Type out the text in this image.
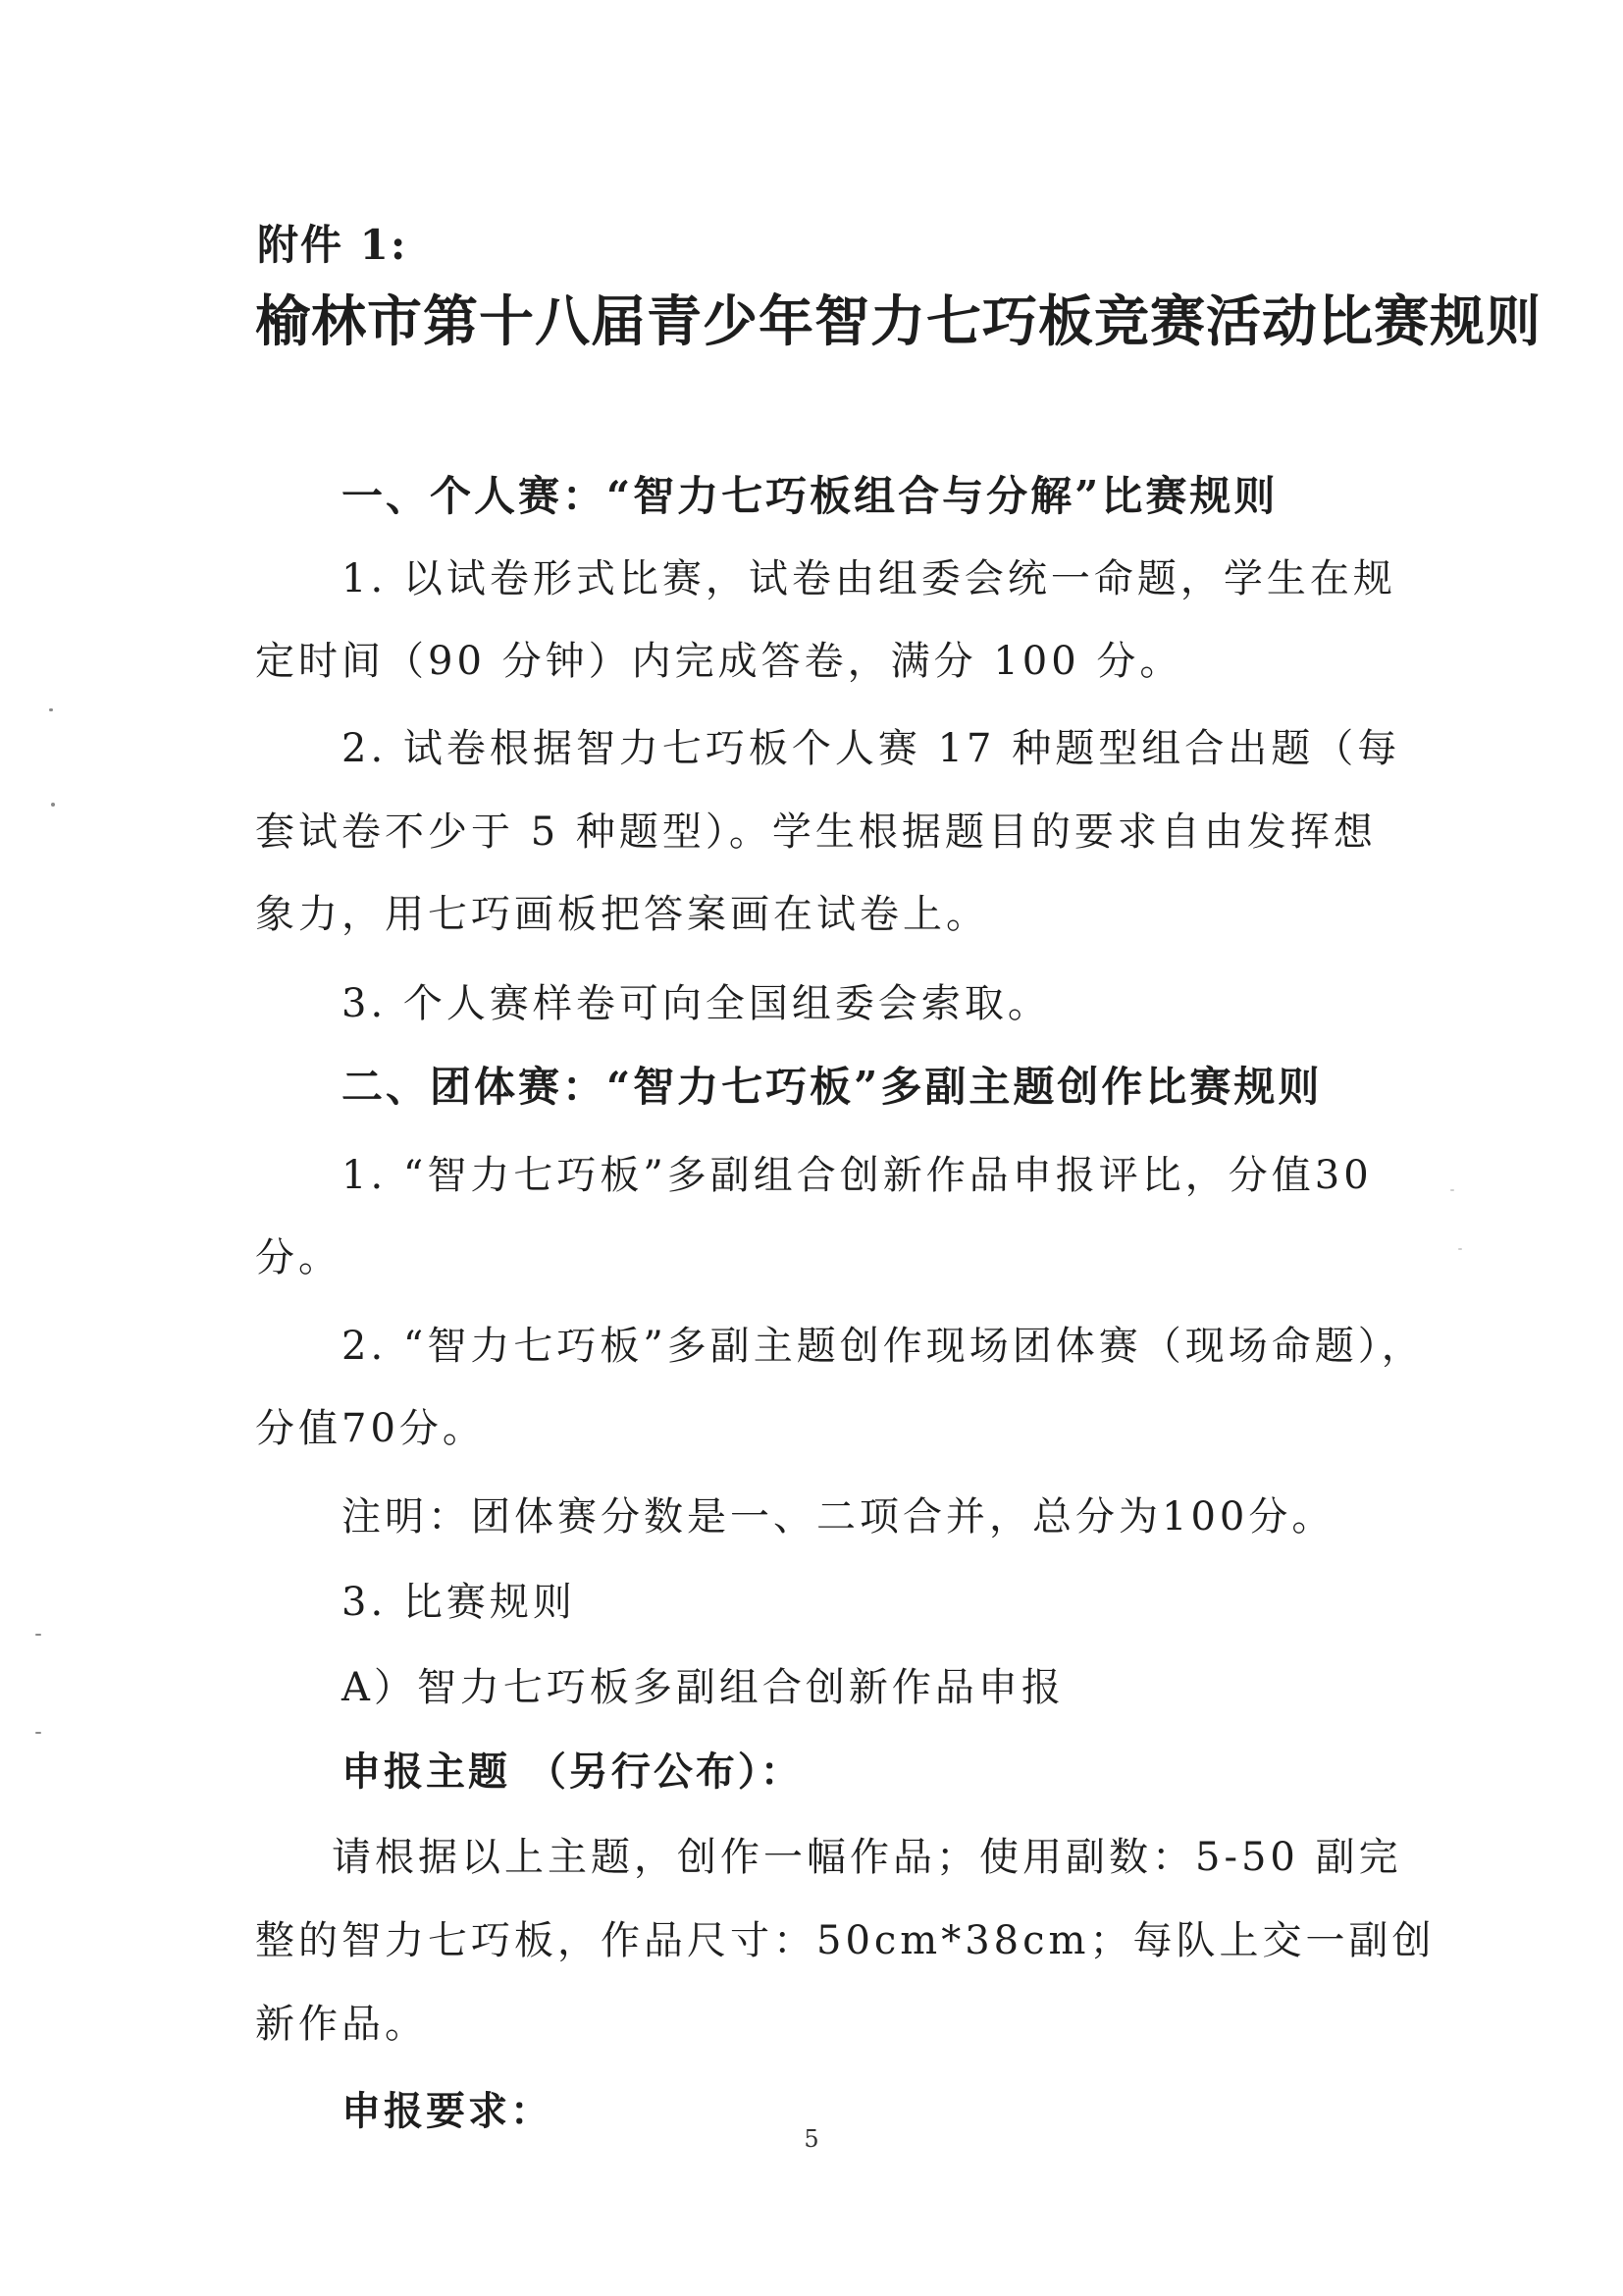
附件 1:
榆林市第十八届青少年智力七巧板竞赛活动比赛规则
一、个人赛：“智力七巧板组合与分解”比赛规则
1. 以试卷形式比赛，试卷由组委会统一命题，学生在规
定时间（90 分钟）内完成答卷，满分 100 分。
2. 试卷根据智力七巧板个人赛 17 种题型组合出题（每
套试卷不少于 5 种题型）。学生根据题目的要求自由发挥想
象力，用七巧画板把答案画在试卷上。
3. 个人赛样卷可向全国组委会索取。
二、团体赛：“智力七巧板”多副主题创作比赛规则
1. “智力七巧板”多副组合创新作品申报评比，分值30
分。
2. “智力七巧板”多副主题创作现场团体赛（现场命题），
分值70分。
注明：团体赛分数是一、二项合并，总分为100分。
3. 比赛规则
A）智力七巧板多副组合创新作品申报
申报主题 （另行公布）：
请根据以上主题，创作一幅作品；使用副数：5-50 副完
整的智力七巧板，作品尺寸：50cm*38cm；每队上交一副创
新作品。
申报要求：
5
